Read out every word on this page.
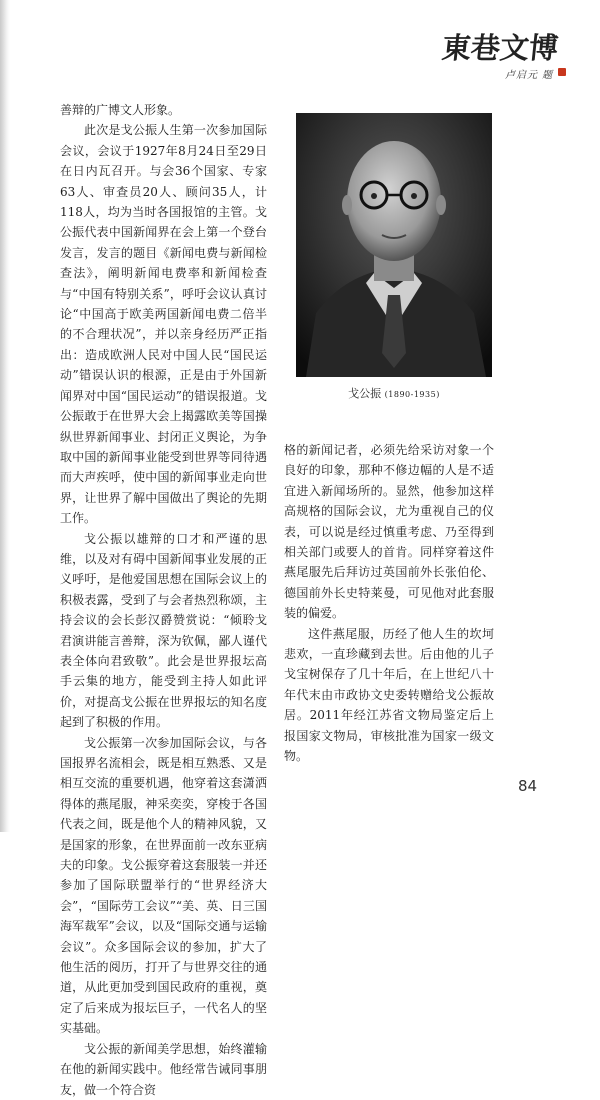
東巷文博
卢启元 题

善辩的广博文人形象。

此次是戈公振人生第一次参加国际会议，会议于1927年8月24日至29日在日内瓦召开。与会36个国家、专家63人、审查员20人、顾问35人，计118人，均为当时各国报馆的主管。戈公振代表中国新闻界在会上第一个登台发言，发言的题目《新闻电费与新闻检查法》，阐明新闻电费率和新闻检查与“中国有特别关系”，呼吁会议认真讨论“中国高于欧美两国新闻电费二倍半的不合理状况”，并以亲身经历严正指出：造成欧洲人民对中国人民“国民运动”错误认识的根源，正是由于外国新闻界对中国“国民运动”的错误报道。戈公振敢于在世界大会上揭露欧美等国操纵世界新闻事业、封闭正义舆论，为争取中国的新闻事业能受到世界等同待遇而大声疾呼，使中国的新闻事业走向世界，让世界了解中国做出了舆论的先期工作。

戈公振以雄辩的口才和严谨的思维，以及对有碍中国新闻事业发展的正义呼吁，是他爱国思想在国际会议上的积极表露，受到了与会者热烈称颂，主持会议的会长彭汉爵赞赏说：“倾聆戈君演讲能言善辩，深为钦佩，鄙人谨代表全体向君致敬”。此会是世界报坛高手云集的地方，能受到主持人如此评价，对提高戈公振在世界报坛的知名度起到了积极的作用。

戈公振第一次参加国际会议，与各国报界名流相会，既是相互熟悉、又是相互交流的重要机遇，他穿着这套潇洒得体的燕尾服，神采奕奕，穿梭于各国代表之间，既是他个人的精神风貌，又是国家的形象，在世界面前一改东亚病夫的印象。戈公振穿着这套服装一并还参加了国际联盟举行的“世界经济大会”，“国际劳工会议”“美、英、日三国海军裁军”会议，以及“国际交通与运输会议”。众多国际会议的参加，扩大了他生活的阅历，打开了与世界交往的通道，从此更加受到国民政府的重视，奠定了后来成为报坛巨子，一代名人的坚实基础。

戈公振的新闻美学思想，始终灌输在他的新闻实践中。他经常告诫同事朋友，做一个符合资

戈公振 (1890-1935)

格的新闻记者，必须先给采访对象一个良好的印象，那种不修边幅的人是不适宜进入新闻场所的。显然，他参加这样高规格的国际会议，尤为重视自己的仪表，可以说是经过慎重考虑、乃至得到相关部门或要人的首肯。同样穿着这件燕尾服先后拜访过英国前外长张伯伦、德国前外长史特莱曼，可见他对此套服装的偏爱。

这件燕尾服，历经了他人生的坎坷悲欢，一直珍藏到去世。后由他的儿子戈宝树保存了几十年后，在上世纪八十年代末由市政协文史委转赠给戈公振故居。2011年经江苏省文物局鉴定后上报国家文物局，审核批准为国家一级文物。

84
